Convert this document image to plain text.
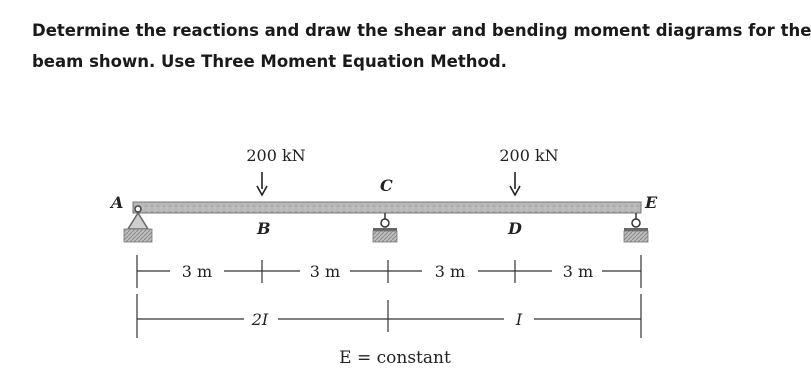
Determine the reactions and draw the shear and bending moment diagrams for the
beam shown. Use Three Moment Equation Method.
200 kN	200 kN
A
B
C
D
E
3 m	3 m	3 m	3 m
2I	I
E = constant
